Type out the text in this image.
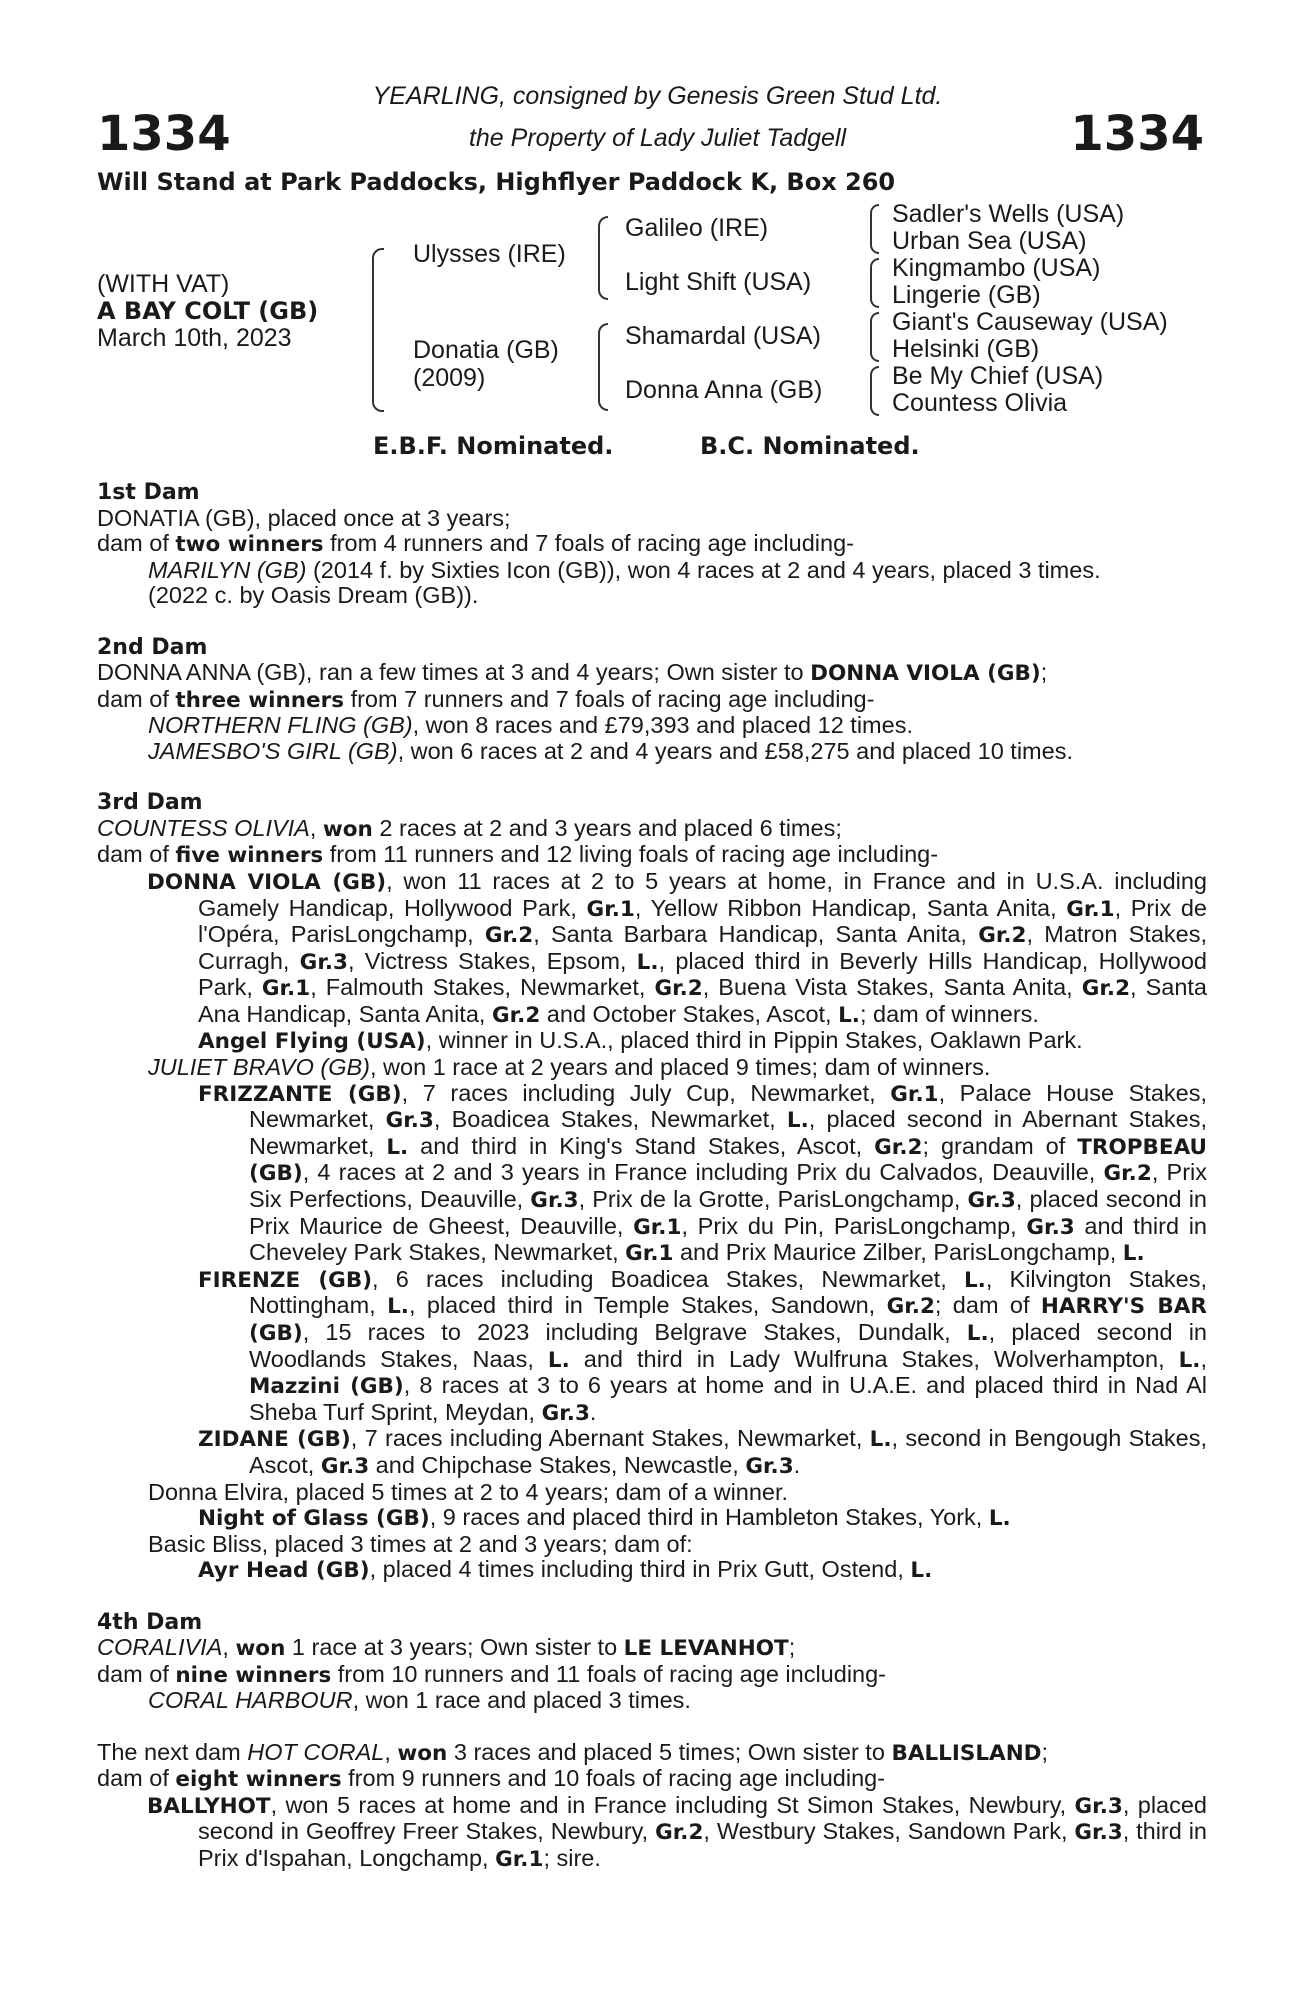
1334	1334
YEARLING, consigned by Genesis Green Stud Ltd.
the Property of Lady Juliet Tadgell
Will Stand at Park Paddocks, Highflyer Paddock K, Box 260
(WITH VAT)
A BAY COLT (GB)
March 10th, 2023
Ulysses (IRE)
Donatia (GB)
(2009)
Galileo (IRE)
Light Shift (USA)
Shamardal (USA)
Donna Anna (GB)
Sadler's Wells (USA)
Urban Sea (USA)
Kingmambo (USA)
Lingerie (GB)
Giant's Causeway (USA)
Helsinki (GB)
Be My Chief (USA)
Countess Olivia
E.B.F. Nominated.	B.C. Nominated.

1st Dam

DONATIA (GB), placed once at 3 years;

dam of two winners from 4 runners and 7 foals of racing age including-

MARILYN (GB) (2014 f. by Sixties Icon (GB)), won 4 races at 2 and 4 years, placed 3 times.

(2022 c. by Oasis Dream (GB)).

2nd Dam

DONNA ANNA (GB), ran a few times at 3 and 4 years; Own sister to DONNA VIOLA (GB);

dam of three winners from 7 runners and 7 foals of racing age including-

NORTHERN FLING (GB), won 8 races and £79,393 and placed 12 times.

JAMESBO'S GIRL (GB), won 6 races at 2 and 4 years and £58,275 and placed 10 times.

3rd Dam

COUNTESS OLIVIA, won 2 races at 2 and 3 years and placed 6 times;

dam of five winners from 11 runners and 12 living foals of racing age including-

DONNA VIOLA (GB), won 11 races at 2 to 5 years at home, in France and in U.S.A. including Gamely Handicap, Hollywood Park, Gr.1, Yellow Ribbon Handicap, Santa Anita, Gr.1, Prix de l'Opéra, ParisLongchamp, Gr.2, Santa Barbara Handicap, Santa Anita, Gr.2, Matron Stakes, Curragh, Gr.3, Victress Stakes, Epsom, L., placed third in Beverly Hills Handicap, Hollywood Park, Gr.1, Falmouth Stakes, Newmarket, Gr.2, Buena Vista Stakes, Santa Anita, Gr.2, Santa Ana Handicap, Santa Anita, Gr.2 and October Stakes, Ascot, L.; dam of winners.

Angel Flying (USA), winner in U.S.A., placed third in Pippin Stakes, Oaklawn Park.

JULIET BRAVO (GB), won 1 race at 2 years and placed 9 times; dam of winners.

FRIZZANTE (GB), 7 races including July Cup, Newmarket, Gr.1, Palace House Stakes, Newmarket, Gr.3, Boadicea Stakes, Newmarket, L., placed second in Abernant Stakes, Newmarket, L. and third in King's Stand Stakes, Ascot, Gr.2; grandam of TROPBEAU (GB), 4 races at 2 and 3 years in France including Prix du Calvados, Deauville, Gr.2, Prix Six Perfections, Deauville, Gr.3, Prix de la Grotte, ParisLongchamp, Gr.3, placed second in Prix Maurice de Gheest, Deauville, Gr.1, Prix du Pin, ParisLongchamp, Gr.3 and third in Cheveley Park Stakes, Newmarket, Gr.1 and Prix Maurice Zilber, ParisLongchamp, L.

FIRENZE (GB), 6 races including Boadicea Stakes, Newmarket, L., Kilvington Stakes, Nottingham, L., placed third in Temple Stakes, Sandown, Gr.2; dam of HARRY'S BAR (GB), 15 races to 2023 including Belgrave Stakes, Dundalk, L., placed second in Woodlands Stakes, Naas, L. and third in Lady Wulfruna Stakes, Wolverhampton, L., Mazzini (GB), 8 races at 3 to 6 years at home and in U.A.E. and placed third in Nad Al Sheba Turf Sprint, Meydan, Gr.3.

ZIDANE (GB), 7 races including Abernant Stakes, Newmarket, L., second in Bengough Stakes, Ascot, Gr.3 and Chipchase Stakes, Newcastle, Gr.3.

Donna Elvira, placed 5 times at 2 to 4 years; dam of a winner.

Night of Glass (GB), 9 races and placed third in Hambleton Stakes, York, L.

Basic Bliss, placed 3 times at 2 and 3 years; dam of:

Ayr Head (GB), placed 4 times including third in Prix Gutt, Ostend, L.

4th Dam

CORALIVIA, won 1 race at 3 years; Own sister to LE LEVANHOT;

dam of nine winners from 10 runners and 11 foals of racing age including-

CORAL HARBOUR, won 1 race and placed 3 times.

The next dam HOT CORAL, won 3 races and placed 5 times; Own sister to BALLISLAND;

dam of eight winners from 9 runners and 10 foals of racing age including-

BALLYHOT, won 5 races at home and in France including St Simon Stakes, Newbury, Gr.3, placed second in Geoffrey Freer Stakes, Newbury, Gr.2, Westbury Stakes, Sandown Park, Gr.3, third in Prix d'Ispahan, Longchamp, Gr.1; sire.
